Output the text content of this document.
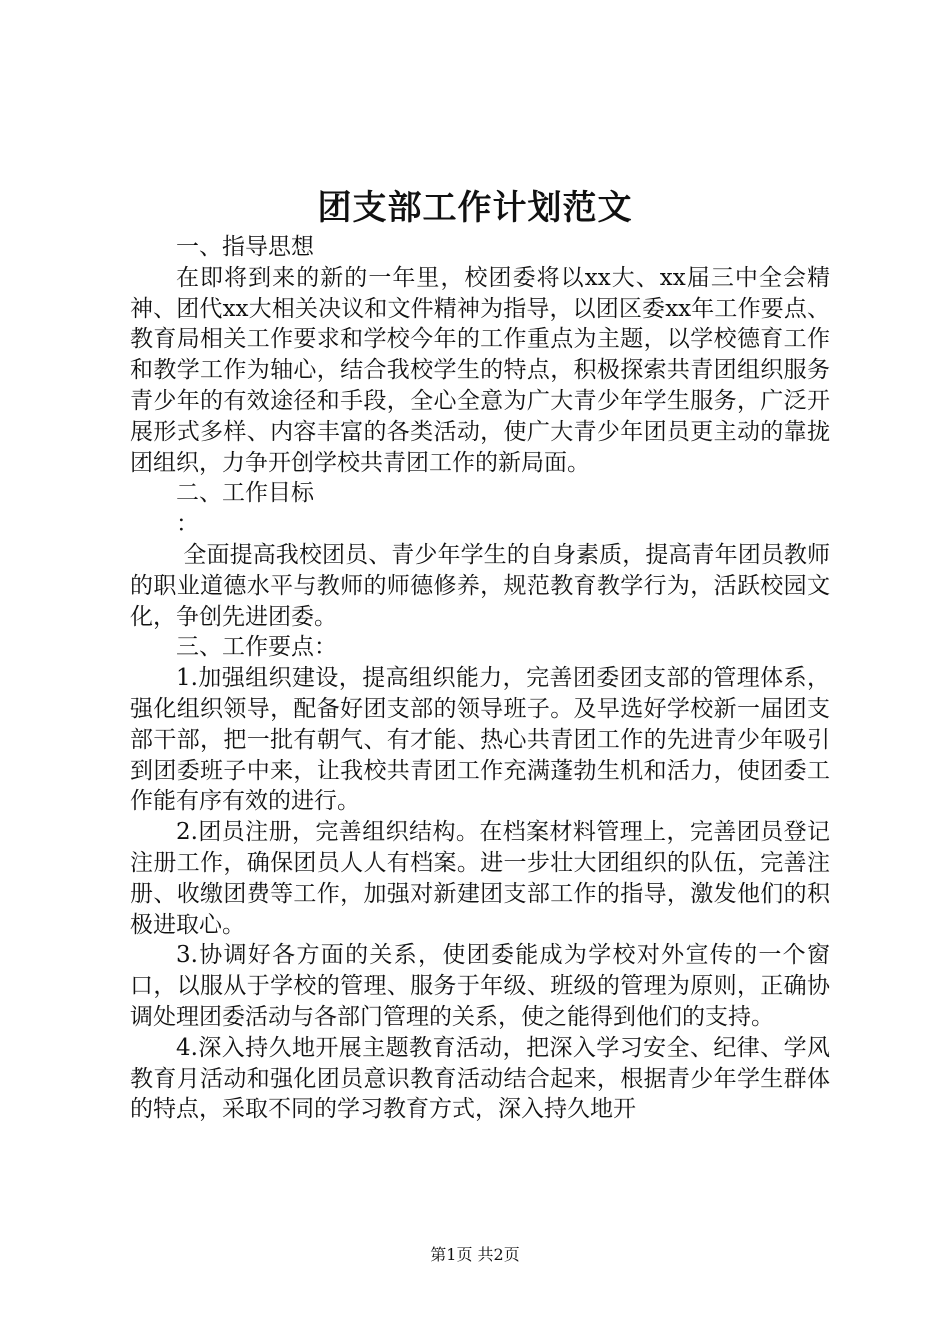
团支部工作计划范文

一、指导思想

在即将到来的新的一年里，校团委将以xx大、xx届三中全会精神、团代xx大相关决议和文件精神为指导，以团区委xx年工作要点、教育局相关工作要求和学校今年的工作重点为主题，以学校德育工作和教学工作为轴心，结合我校学生的特点，积极探索共青团组织服务青少年的有效途径和手段，全心全意为广大青少年学生服务，广泛开展形式多样、内容丰富的各类活动，使广大青少年团员更主动的靠拢团组织，力争开创学校共青团工作的新局面。

二、工作目标

：

全面提高我校团员、青少年学生的自身素质，提高青年团员教师的职业道德水平与教师的师德修养，规范教育教学行为，活跃校园文化，争创先进团委。

三、工作要点：

1.加强组织建设，提高组织能力，完善团委团支部的管理体系，强化组织领导，配备好团支部的领导班子。及早选好学校新一届团支部干部，把一批有朝气、有才能、热心共青团工作的先进青少年吸引到团委班子中来，让我校共青团工作充满蓬勃生机和活力，使团委工作能有序有效的进行。

2.团员注册，完善组织结构。在档案材料管理上，完善团员登记注册工作，确保团员人人有档案。进一步壮大团组织的队伍，完善注册、收缴团费等工作，加强对新建团支部工作的指导，激发他们的积极进取心。

3.协调好各方面的关系，使团委能成为学校对外宣传的一个窗口，以服从于学校的管理、服务于年级、班级的管理为原则，正确协调处理团委活动与各部门管理的关系，使之能得到他们的支持。

4.深入持久地开展主题教育活动，把深入学习安全、纪律、学风教育月活动和强化团员意识教育活动结合起来，根据青少年学生群体的特点，采取不同的学习教育方式，深入持久地开

第1页 共2页
